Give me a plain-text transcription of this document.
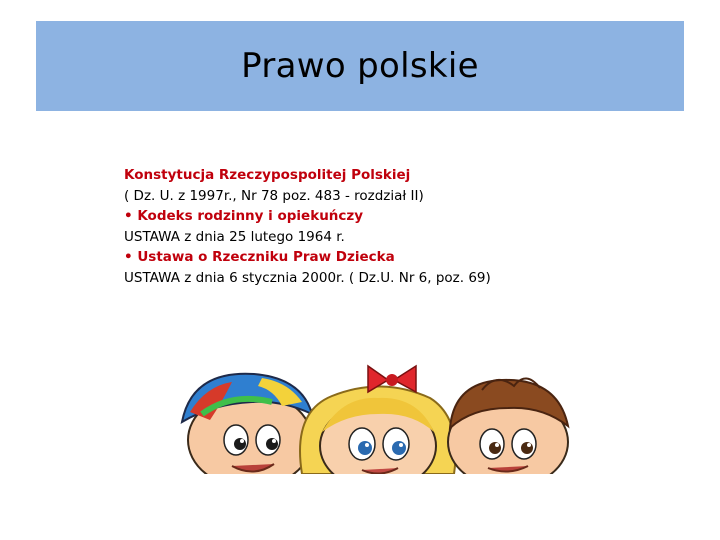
Prawo polskie
Konstytucja Rzeczypospolitej Polskiej
( Dz. U. z 1997r., Nr 78 poz. 483 - rozdział II)
• Kodeks rodzinny i opiekuńczy
USTAWA z dnia 25 lutego 1964 r.
• Ustawa o Rzeczniku Praw Dziecka
USTAWA z dnia 6 stycznia 2000r. ( Dz.U. Nr 6, poz. 69)
